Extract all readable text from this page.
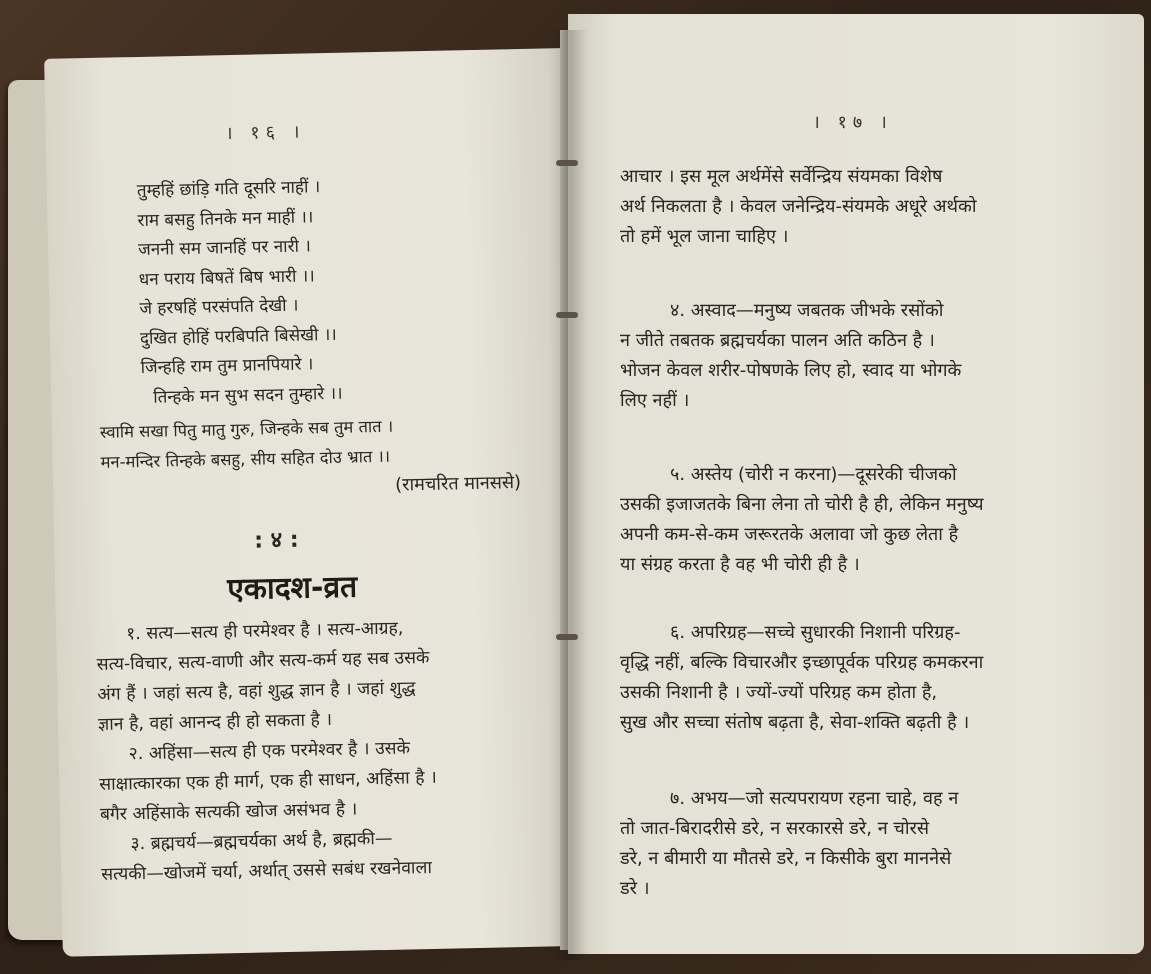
। १६ ।
तुम्हहिं छांड़ि गति दूसरि नाहीं ।
राम बसहु तिनके मन माहीं ।।
जननी सम जानहिं पर नारी ।
धन पराय बिषतें बिष भारी ।।
जे हरषहिं परसंपति देखी ।
दुखित होहिं परबिपति बिसेखी ।।
जिन्हहि राम तुम प्रानपियारे ।
तिन्हके मन सुभ सदन तुम्हारे ।।
स्वामि सखा पितु मातु गुरु, जिन्हके सब तुम तात ।
मन-मन्दिर तिन्हके बसहु, सीय सहित दोउ भ्रात ।।
(रामचरित मानससे)
: ४ :
एकादश-व्रत
१. सत्य—सत्य ही परमेश्वर है । सत्य-आग्रह,
सत्य-विचार, सत्य-वाणी और सत्य-कर्म यह सब उसके
अंग हैं । जहां सत्य है, वहां शुद्ध ज्ञान है । जहां शुद्ध
ज्ञान है, वहां आनन्द ही हो सकता है ।
२. अहिंसा—सत्य ही एक परमेश्वर है । उसके
साक्षात्कारका एक ही मार्ग, एक ही साधन, अहिंसा है ।
बगैर अहिंसाके सत्यकी खोज असंभव है ।
३. ब्रह्मचर्य—ब्रह्मचर्यका अर्थ है, ब्रह्मकी—
सत्यकी—खोजमें चर्या, अर्थात् उससे सबंध रखनेवाला
। १७ ।
आचार । इस मूल अर्थमेंसे सर्वेन्द्रिय संयमका विशेष
अर्थ निकलता है । केवल जनेन्द्रिय-संयमके अधूरे अर्थको
तो हमें भूल जाना चाहिए ।
४. अस्वाद—मनुष्य जबतक जीभके रसोंको
न जीते तबतक ब्रह्मचर्यका पालन अति कठिन है ।
भोजन केवल शरीर-पोषणके लिए हो, स्वाद या भोगके
लिए नहीं ।
५. अस्तेय (चोरी न करना)—दूसरेकी चीजको
उसकी इजाजतके बिना लेना तो चोरी है ही, लेकिन मनुष्य
अपनी कम-से-कम जरूरतके अलावा जो कुछ लेता है
या संग्रह करता है वह भी चोरी ही है ।
६. अपरिग्रह—सच्चे सुधारकी निशानी परिग्रह-
वृद्धि नहीं, बल्कि विचारऔर इच्छापूर्वक परिग्रह कमकरना
उसकी निशानी है । ज्यों-ज्यों परिग्रह कम होता है,
सुख और सच्चा संतोष बढ़ता है, सेवा-शक्ति बढ़ती है ।
७. अभय—जो सत्यपरायण रहना चाहे, वह न
तो जात-बिरादरीसे डरे, न सरकारसे डरे, न चोरसे
डरे, न बीमारी या मौतसे डरे, न किसीके बुरा माननेसे
डरे ।
